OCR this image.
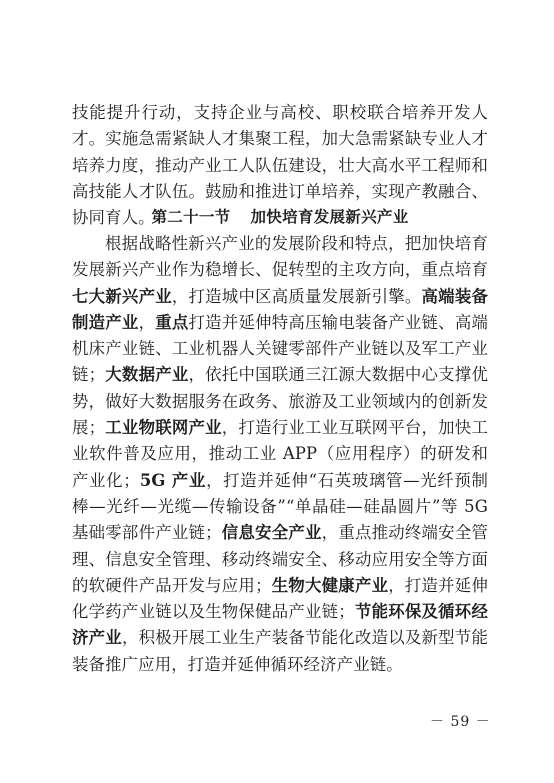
技能提升行动，支持企业与高校、职校联合培养开发人才。实施急需紧缺人才集聚工程，加大急需紧缺专业人才培养力度，推动产业工人队伍建设，壮大高水平工程师和高技能人才队伍。鼓励和推进订单培养，实现产教融合、协同育人。

第二十一节 加快培育发展新兴产业

根据战略性新兴产业的发展阶段和特点，把加快培育发展新兴产业作为稳增长、促转型的主攻方向，重点培育七大新兴产业，打造城中区高质量发展新引擎。高端装备制造产业，重点打造并延伸特高压输电装备产业链、高端机床产业链、工业机器人关键零部件产业链以及军工产业链；大数据产业，依托中国联通三江源大数据中心支撑优势，做好大数据服务在政务、旅游及工业领域内的创新发展；工业物联网产业，打造行业工业互联网平台，加快工业软件普及应用，推动工业 APP（应用程序）的研发和产业化；5G 产业，打造并延伸“石英玻璃管—光纤预制棒—光纤—光缆—传输设备”“单晶硅—硅晶圆片”等 5G 基础零部件产业链；信息安全产业，重点推动终端安全管理、信息安全管理、移动终端安全、移动应用安全等方面的软硬件产品开发与应用；生物大健康产业，打造并延伸化学药产业链以及生物保健品产业链；节能环保及循环经济产业，积极开展工业生产装备节能化改造以及新型节能装备推广应用，打造并延伸循环经济产业链。

－ 59 －
